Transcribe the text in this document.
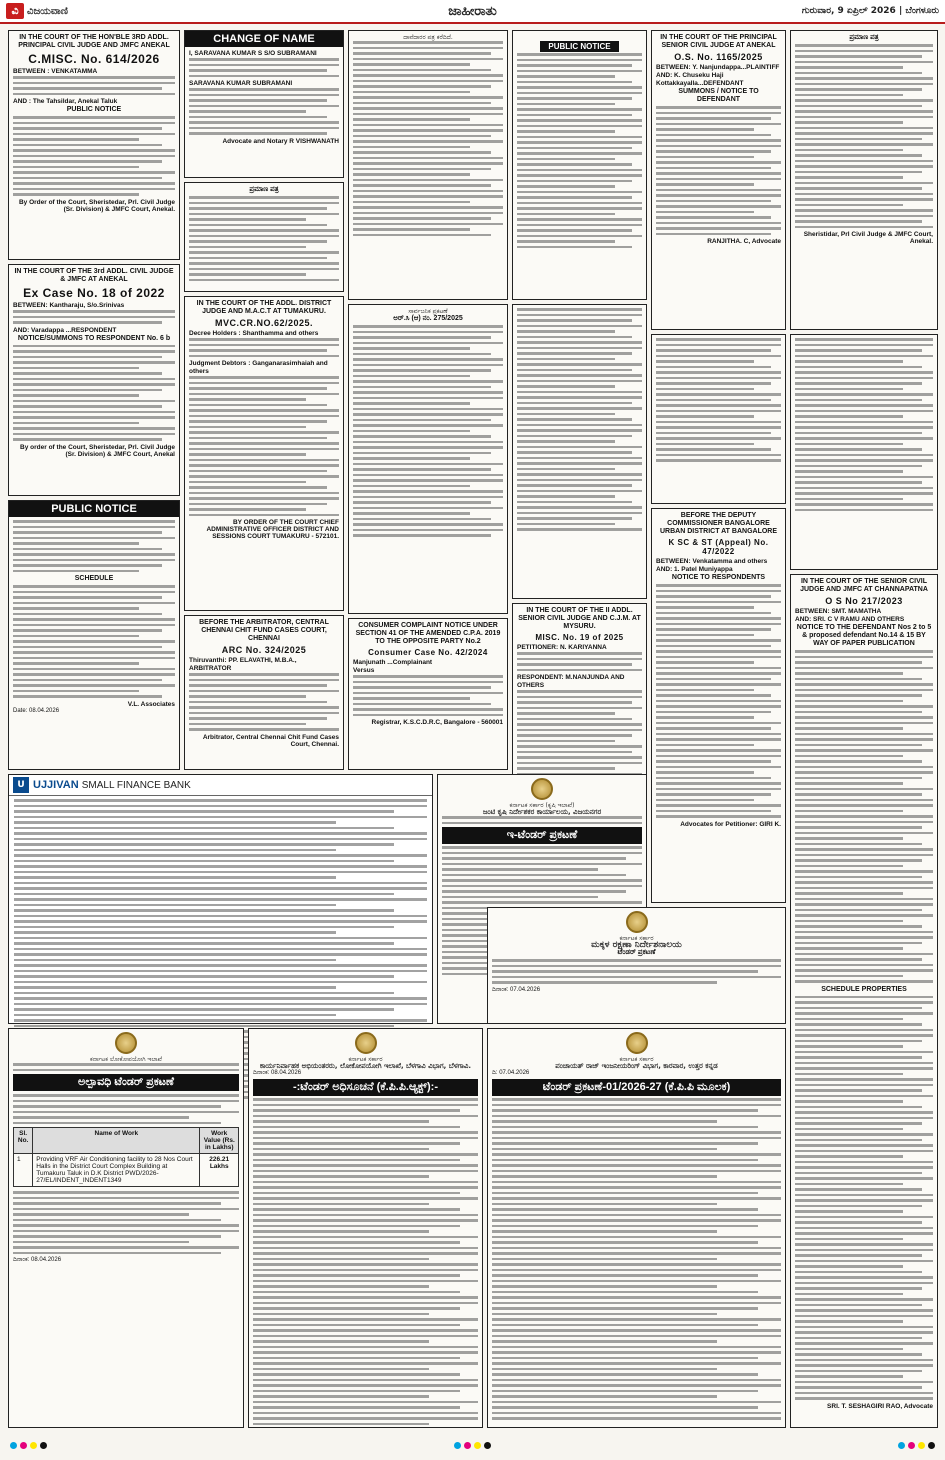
ವಿ ವಿಜಯವಾಣಿ	ಜಾಹೀರಾತು	ಗುರುವಾರ, 9 ಏಪ್ರಿಲ್ 2026 | ಬೆಂಗಳೂರು
IN THE COURT OF THE HON'BLE 3RD ADDL. PRINCIPAL CIVIL JUDGE AND JMFC ANEKAL
C.MISC. No. 614/2026
BETWEEN : VENKATAMMA
AND : The Tahsildar, Anekal Taluk
PUBLIC NOTICE
By Order of the Court, Sheristedar, Prl. Civil Judge (Sr. Division) & JMFC Court, Anekal.
IN THE COURT OF THE 3rd ADDL. CIVIL JUDGE & JMFC AT ANEKAL
Ex Case No. 18 of 2022
BETWEEN: Kantharaju, S/o.Srinivas
AND: Varadappa ...RESPONDENT
NOTICE/SUMMONS TO RESPONDENT No. 6 b
By order of the Court, Sheristedar, Prl. Civil Judge (Sr. Division) & JMFC Court, Anekal
PUBLIC NOTICE
SCHEDULE
V.L. Associates
Date: 08.04.2026
U UJJIVAN SMALL FINANCE BANK
ಕರ್ನಾಟಕ ಲೋಕೋಪಯೋಗಿ ಇಲಾಖೆ
ಅಲ್ಪಾವಧಿ ಟೆಂಡರ್ ಪ್ರಕಟಣೆ
Sl. No.	Name of Work	Work Value (Rs. in Lakhs)
1	Providing VRF Air Conditioning facility to 28 Nos Court Halls in the District Court Complex Building at Tumakuru Taluk in D.K District PWD/2026-27/EL/INDENT_INDENT1349	226.21 Lakhs
ದಿನಾಂಕ: 08.04.2026
CHANGE OF NAME
I, SARAVANA KUMAR S S/O SUBRAMANI
SARAVANA KUMAR SUBRAMANI
Advocate and Notary R VISHWANATH
ಪ್ರಮಾಣ ಪತ್ರ
IN THE COURT OF THE ADDL. DISTRICT JUDGE AND M.A.C.T AT TUMAKURU.
MVC.CR.NO.62/2025.
Decree Holders : Shanthamma and others
Judgment Debtors : Ganganarasimhaiah and others
BY ORDER OF THE COURT CHIEF ADMINISTRATIVE OFFICER DISTRICT AND SESSIONS COURT TUMAKURU - 572101.
BEFORE THE ARBITRATOR, CENTRAL CHENNAI CHIT FUND CASES COURT, CHENNAI
ARC No. 324/2025
Thiruvanthi: PP. ELAVATHI, M.B.A., ARBITRATOR
Arbitrator, Central Chennai Chit Fund Cases Court, Chennai.
ದಾವೆದಾರರ ಪತ್ರ ಕರೆದಿದೆ.
ಸಾರ್ವಜನಿಕ ಪ್ರಕಟಣೆ
ಅರ್.ಸಿ (ಆ) ನಂ. 275/2025
CONSUMER COMPLAINT NOTICE UNDER SECTION 41 OF THE AMENDED C.P.A. 2019 TO THE OPPOSITE PARTY No.2
Consumer Case No. 42/2024
Manjunath ...Complainant
Versus
Registrar, K.S.C.D.R.C, Bangalore - 560001
PUBLIC NOTICE
IN THE COURT OF THE II ADDL. SENIOR CIVIL JUDGE AND C.J.M. AT MYSURU.
MISC. No. 19 of 2025
PETITIONER: N. KARIYANNA
RESPONDENT: M.NANJUNDA AND OTHERS
ಕರ್ನಾಟಕ ಸರ್ಕಾರ (ಕೃಷಿ ಇಲಾಖೆ)
ಜಂಟಿ ಕೃಷಿ ನಿರ್ದೇಶಕರ ಕಾರ್ಯಾಲಯ, ವಿಜಯನಗರ
ಇ-ಟೆಂಡರ್ ಪ್ರಕಟಣೆ
ಕರ್ನಾಟಕ ಸರ್ಕಾರ
ಕಾರ್ಯನಿರ್ವಾಹಕ ಅಭಿಯಂತರರು, ಲೋಕೋಪಯೋಗಿ ಇಲಾಖೆ, ಬೆಳಗಾವಿ ವಿಭಾಗ, ಬೆಳಗಾವಿ.
ದಿನಾಂಕ: 08.04.2026
-:ಟೆಂಡರ್ ಅಧಿಸೂಚನೆ (ಕೆ.ಪಿ.ಪಿ.ಆ್ಯಕ್ಟ್):-
IN THE COURT OF THE PRINCIPAL SENIOR CIVIL JUDGE AT ANEKAL
O.S. No. 1165/2025
BETWEEN: Y. Nanjundappa...PLAINTIFF
AND: K. Chuseku Haji Kottakkayalla...DEFENDANT
SUMMONS / NOTICE TO DEFENDANT
RANJITHA. C, Advocate
BEFORE THE DEPUTY COMMISSIONER BANGALORE URBAN DISTRICT AT BANGALORE
K SC & ST (Appeal) No. 47/2022
BETWEEN: Venkatamma and others
AND: 1. Patel Muniyappa
NOTICE TO RESPONDENTS
Advocates for Petitioner: GIRI K.
ಕರ್ನಾಟಕ ಸರ್ಕಾರ
ಮಕ್ಕಳ ರಕ್ಷಣಾ ನಿರ್ದೇಶನಾಲಯ
ಟೆಂಡರ್ ಪ್ರಕಟಣೆ
ದಿನಾಂಕ: 07.04.2026
ಕರ್ನಾಟಕ ಸರ್ಕಾರ
ಪಂಚಾಯತ್ ರಾಜ್ ಇಂಜನೀಯರಿಂಗ್ ವಿಭಾಗ, ಕಾರವಾರ, ಉತ್ತರ ಕನ್ನಡ
ದಿ: 07.04.2026
ಟೆಂಡರ್ ಪ್ರಕಟಣೆ-01/2026-27 (ಕೆ.ಪಿ.ಪಿ ಮೂಲಕ)
ಪ್ರಮಾಣ ಪತ್ರ
Sheristidar, Prl Civil Judge & JMFC Court, Anekal.
IN THE COURT OF THE SENIOR CIVIL JUDGE AND JMFC AT CHANNAPATNA
O S No 217/2023
BETWEEN: SMT. MAMATHA
AND: SRI. C V RAMU AND OTHERS
NOTICE TO THE DEFENDANT Nos 2 to 5 & proposed defendant No.14 & 15 BY WAY OF PAPER PUBLICATION
SCHEDULE PROPERTIES
SRI. T. SESHAGIRI RAO, Advocate
